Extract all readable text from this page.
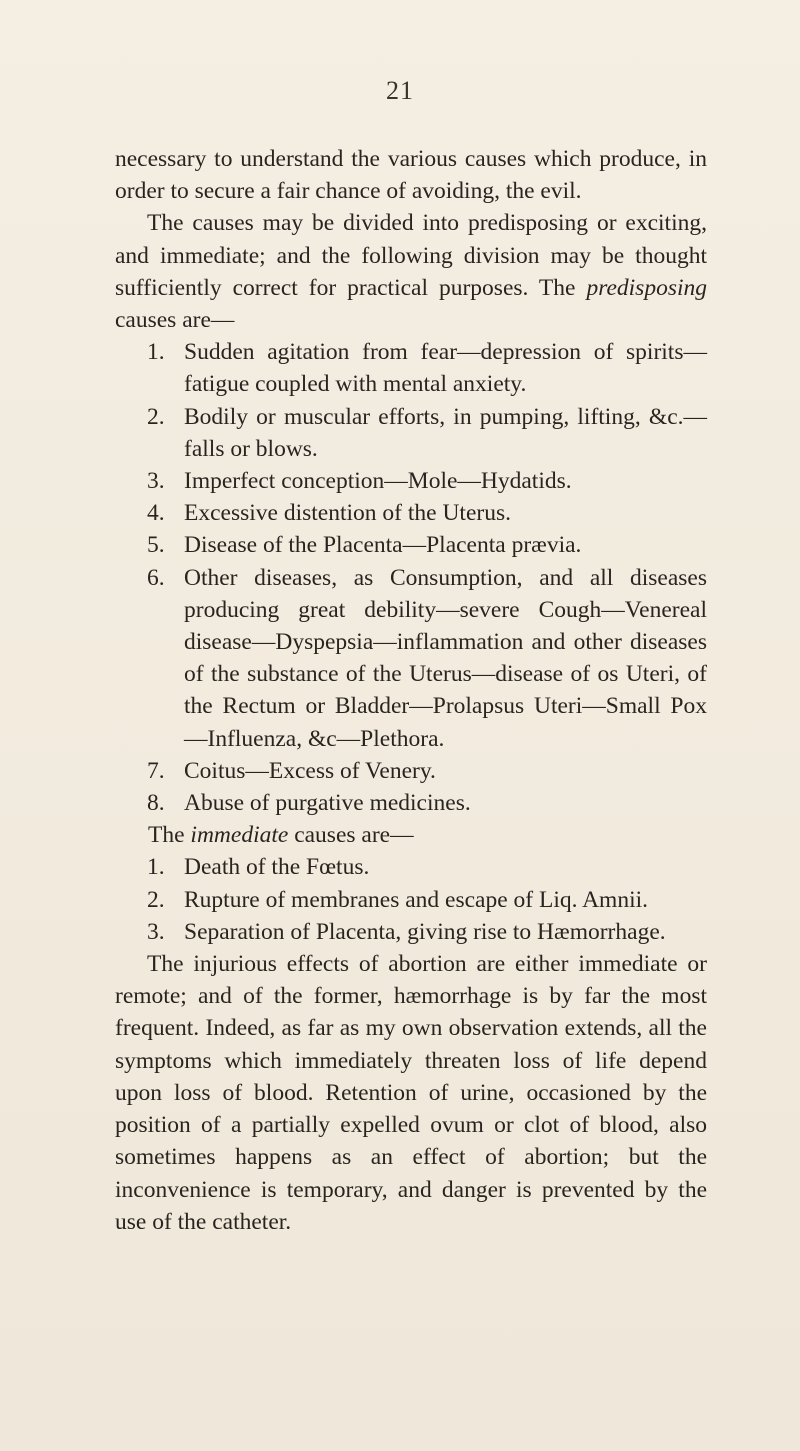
21

necessary to understand the various causes which produce, in order to secure a fair chance of avoiding, the evil.

The causes may be divided into predisposing or exciting, and immediate; and the following division may be thought sufficiently correct for practical purposes. The predisposing causes are—

1. Sudden agitation from fear—depression of spirits—fatigue coupled with mental anxiety.
2. Bodily or muscular efforts, in pumping, lifting, &c.—falls or blows.
3. Imperfect conception—Mole—Hydatids.
4. Excessive distention of the Uterus.
5. Disease of the Placenta—Placenta prævia.
6. Other diseases, as Consumption, and all diseases producing great debility—severe Cough—Venereal disease—Dyspepsia—inflammation and other diseases of the substance of the Uterus—disease of os Uteri, of the Rectum or Bladder—Prolapsus Uteri—Small Pox—Influenza, &c—Plethora.
7. Coitus—Excess of Venery.
8. Abuse of purgative medicines.

The immediate causes are—

1. Death of the Fœtus.
2. Rupture of membranes and escape of Liq. Amnii.
3. Separation of Placenta, giving rise to Hæmorrhage.

The injurious effects of abortion are either immediate or remote; and of the former, hæmorrhage is by far the most frequent. Indeed, as far as my own observation extends, all the symptoms which immediately threaten loss of life depend upon loss of blood. Retention of urine, occasioned by the position of a partially expelled ovum or clot of blood, also sometimes happens as an effect of abortion; but the inconvenience is temporary, and danger is prevented by the use of the catheter.
